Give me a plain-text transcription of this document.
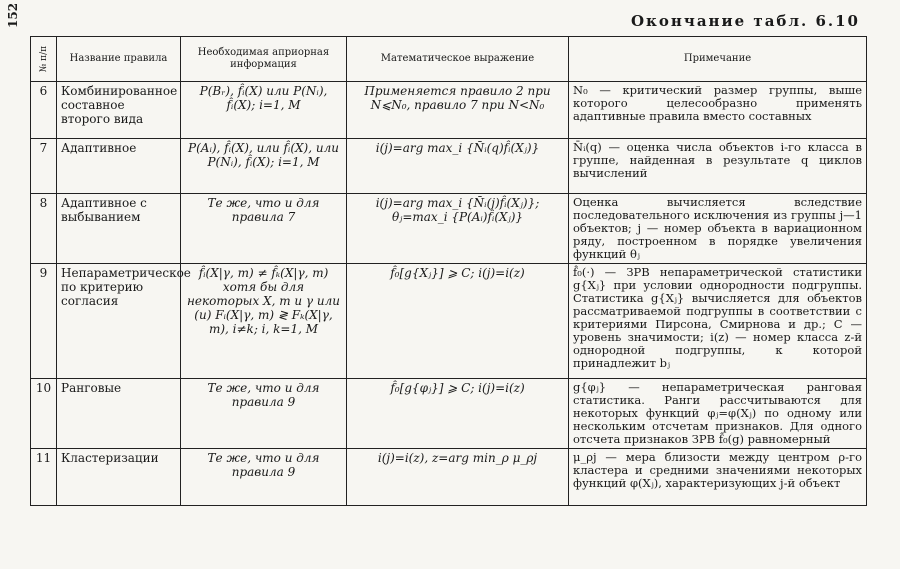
152	Окончание табл. 6.10
№ п/п	Название правила	Необходимая априорная информация	Математическое выражение	Примечание
6	Комбинированное составное второго вида	P(Bᵣ), f̂ᵢ(X) или P(Nᵢ), f̂ᵢ(X); i=1, M	Применяется правило 2 при N⩽N₀, правило 7 при N<N₀	N₀ — критический размер группы, выше которого целесообразно применять адаптивные правила вместо составных
7	Адаптивное	P(Aᵢ), f̂ᵢ(X), или f̂ᵢ(X), или P(Nᵢ), f̂ᵢ(X); i=1, M	i(j)=arg max_i {N̄ᵢ(q)f̂ᵢ(Xⱼ)}	N̄ᵢ(q) — оценка числа объектов i-го класса в группе, найденная в результате q циклов вычислений
8	Адаптивное с выбыванием	Те же, что и для правила 7	i(j)=arg max_i {N̄ᵢ(j)f̂ᵢ(Xⱼ)}; θⱼ=max_i {P(Aᵢ)f̂ᵢ(Xⱼ)}	Оценка вычисляется вследствие последовательного исключения из группы j—1 объектов; j — номер объекта в вариационном ряду, построенном в порядке увеличения функций θⱼ
9	Непараметрическое по критерию согласия	f̂ᵢ(X|γ, m) ≠ f̂ₖ(X|γ, m) хотя бы для некоторых X, m и γ или (и) Fᵢ(X|γ, m) ≷ Fₖ(X|γ, m), i≠k; i, k=1, M	f̂₀[g{Xⱼ}] ⩾ C; i(j)=i(z)	f̂₀(·) — ЗРВ непараметрической статистики g{Xⱼ} при условии однородности подгруппы. Статистика g{Xⱼ} вычисляется для объектов рассматриваемой подгруппы в соответствии с критериями Пирсона, Смирнова и др.; C — уровень значимости; i(z) — номер класса z-й однородной подгруппы, к которой принадлежит bⱼ
10	Ранговые	Те же, что и для правила 9	f̂₀[g{φⱼ}] ⩾ C; i(j)=i(z)	g{φⱼ} — непараметрическая ранговая статистика. Ранги рассчитываются для некоторых функций φⱼ=φ(Xⱼ) по одному или нескольким отсчетам признаков. Для одного отсчета признаков ЗРВ f̂₀(g) равномерный
11	Кластеризации	Те же, что и для правила 9	i(j)=i(z), z=arg min_ρ μ_ρj	μ_ρj — мера близости между центром ρ-го кластера и средними значениями некоторых функций φ(Xⱼ), характеризующих j-й объект
